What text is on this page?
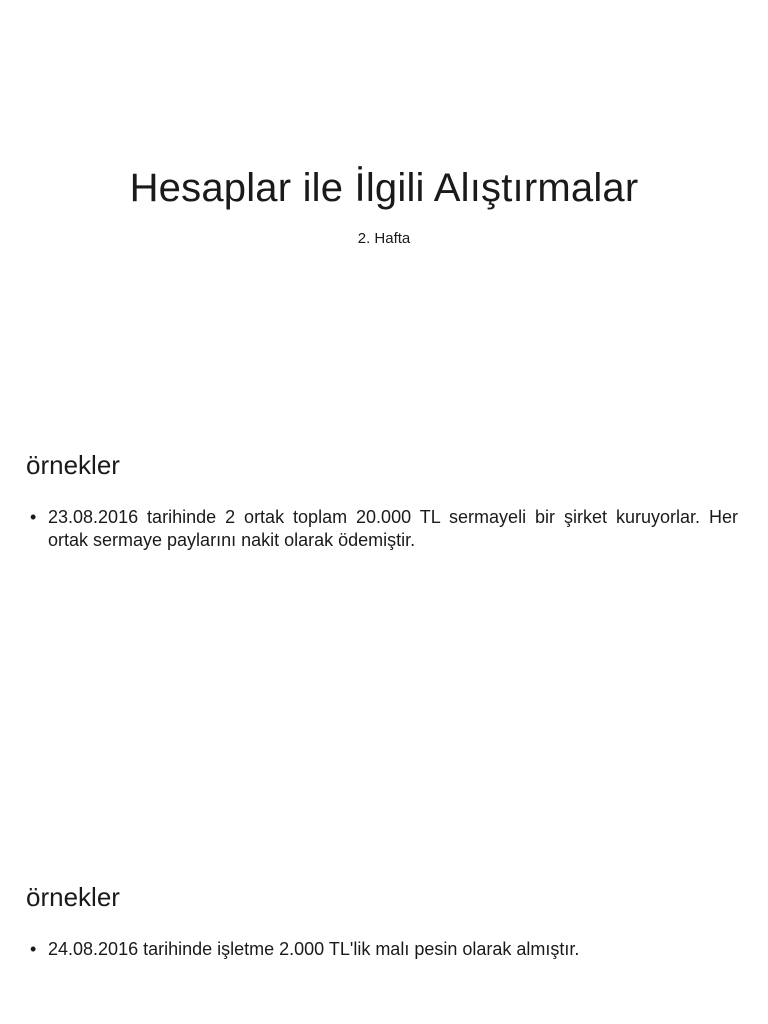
Hesaplar ile İlgili Alıştırmalar

2. Hafta

örnekler
• 23.08.2016 tarihinde 2 ortak toplam 20.000 TL sermayeli bir şirket kuruyorlar. Her ortak sermaye paylarını nakit olarak ödemiştir.
örnekler
• 24.08.2016 tarihinde işletme 2.000 TL'lik malı pesin olarak almıştır.
